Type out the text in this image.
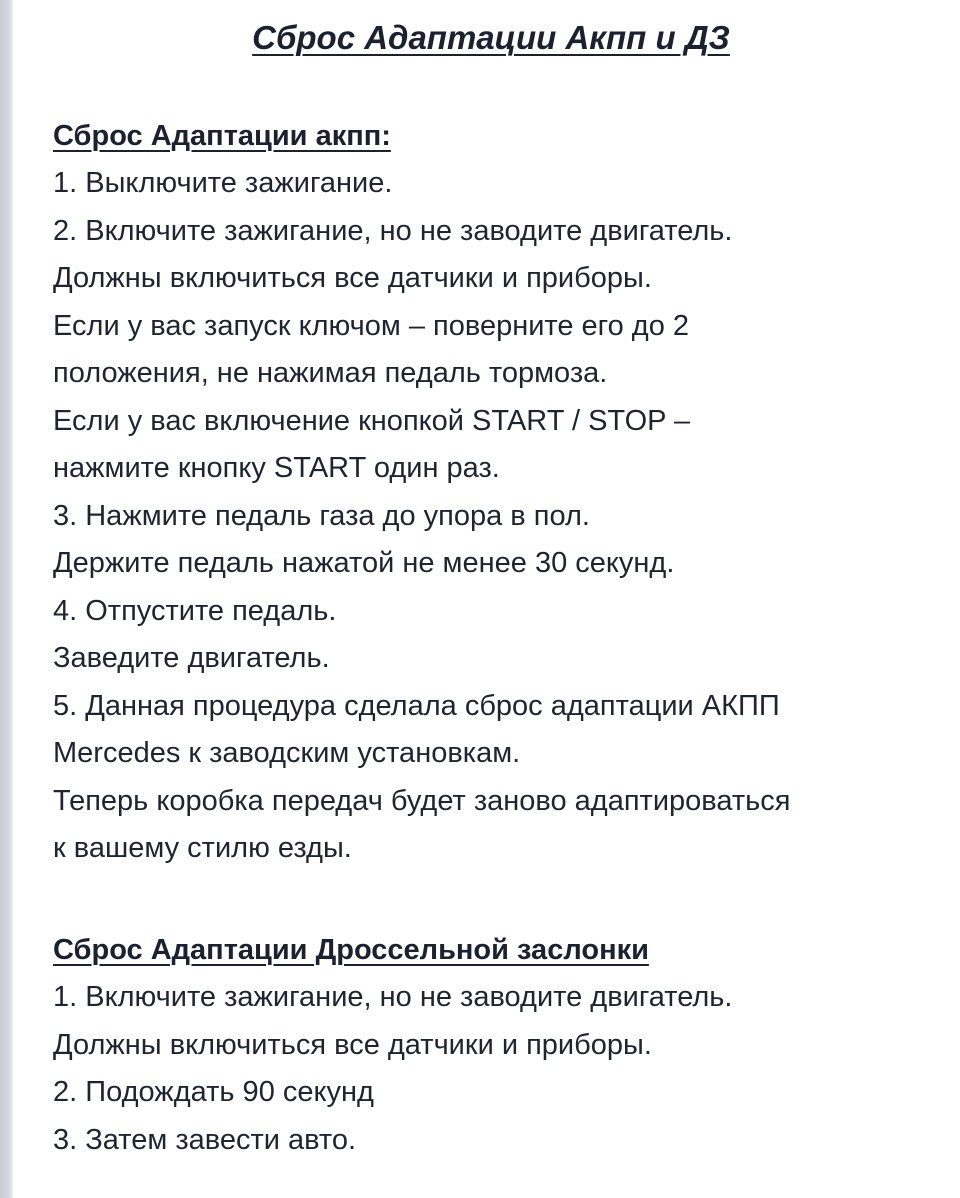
Сброс Адаптации Акпп и ДЗ
Сброс Адаптации акпп:
1. Выключите зажигание.
2. Включите зажигание, но не заводите двигатель.
Должны включиться все датчики и приборы.
Если у вас запуск ключом – поверните его до 2
положения, не нажимая педаль тормоза.
Если у вас включение кнопкой START / STOP –
нажмите кнопку START один раз.
3. Нажмите педаль газа до упора в пол.
Держите педаль нажатой не менее 30 секунд.
4. Отпустите педаль.
Заведите двигатель.
5. Данная процедура сделала сброс адаптации АКПП
Mercedes к заводским установкам.
Теперь коробка передач будет заново адаптироваться
к вашему стилю езды.
Сброс Адаптации Дроссельной заслонки
1. Включите зажигание, но не заводите двигатель.
Должны включиться все датчики и приборы.
2. Подождать 90 секунд
3. Затем завести авто.
